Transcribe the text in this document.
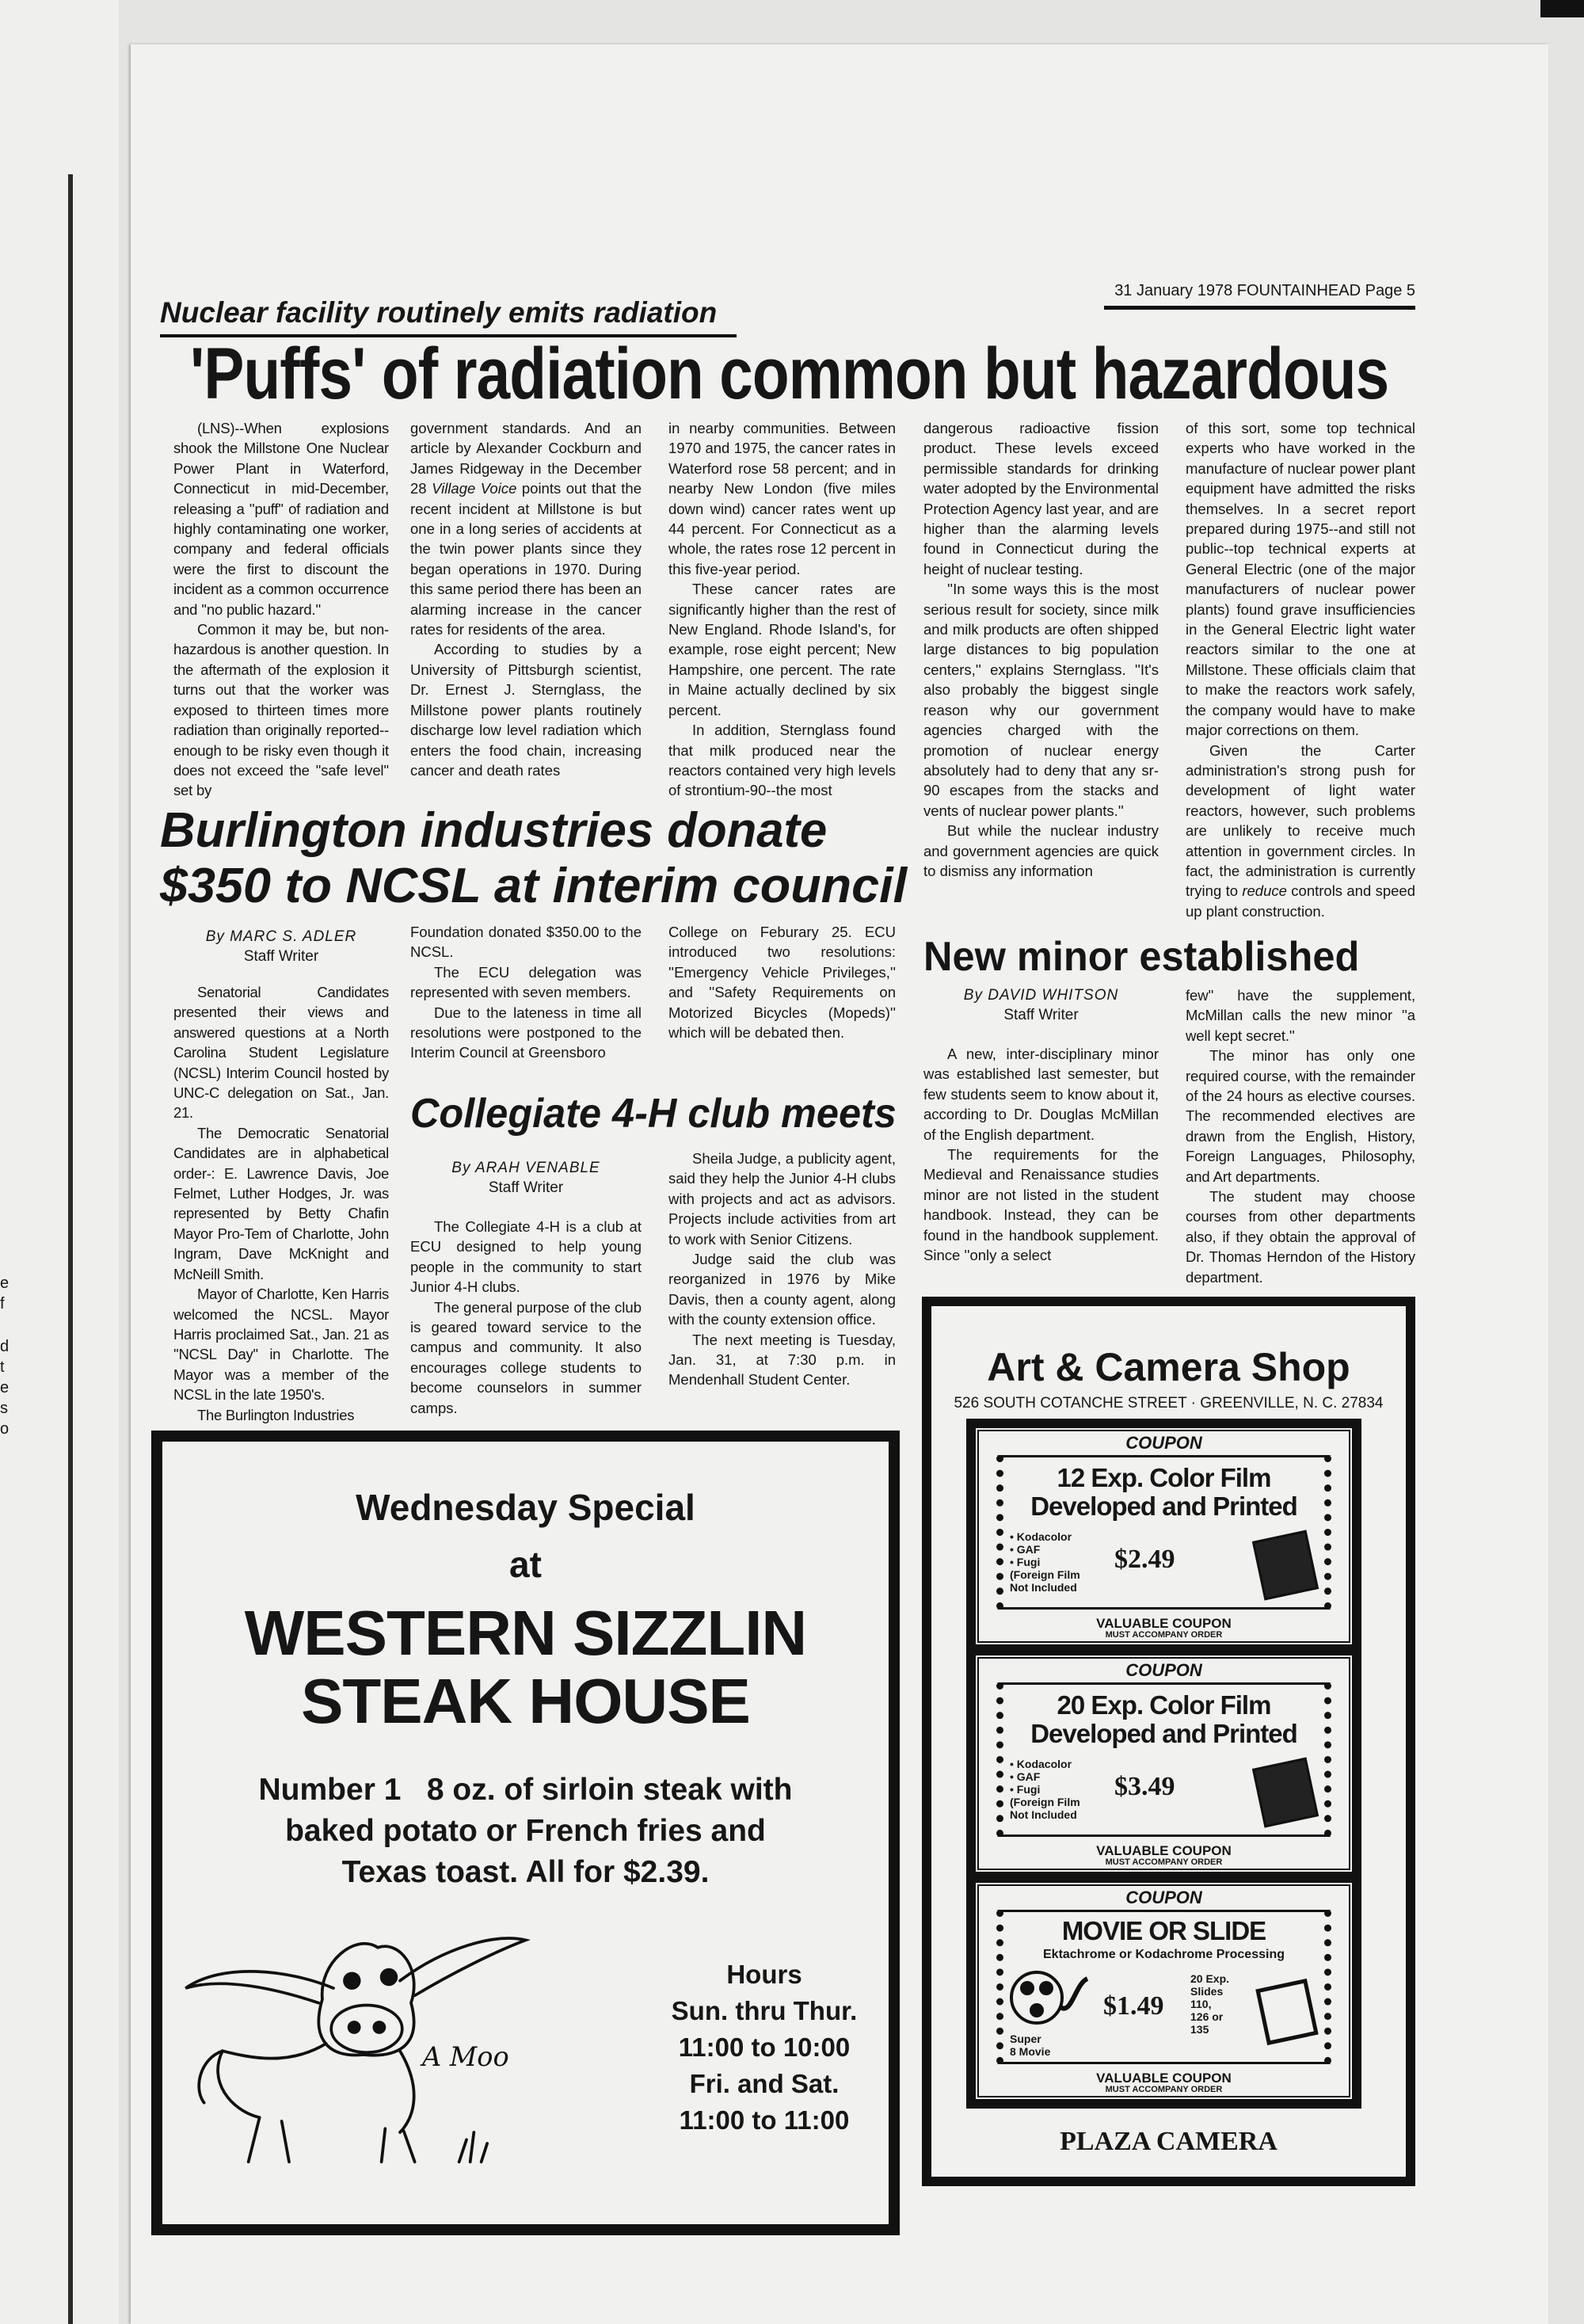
e
f
d
t
e
s
o
Nuclear facility routinely emits radiation
31 January 1978 FOUNTAINHEAD Page 5
'Puffs' of radiation common but hazardous

(LNS)--When explosions shook the Millstone One Nuclear Power Plant in Waterford, Connecticut in mid-December, releasing a ''puff'' of radiation and highly contaminating one worker, company and federal officials were the first to discount the incident as a common occurrence and ''no public hazard.''

Common it may be, but non-hazardous is another question. In the aftermath of the explosion it turns out that the worker was exposed to thirteen times more radiation than originally reported--enough to be risky even though it does not exceed the ''safe level'' set by

government standards. And an article by Alexander Cockburn and James Ridgeway in the December 28 Village Voice points out that the recent incident at Millstone is but one in a long series of accidents at the twin power plants since they began operations in 1970. During this same period there has been an alarming increase in the cancer rates for residents of the area.

According to studies by a University of Pittsburgh scientist, Dr. Ernest J. Sternglass, the Millstone power plants routinely discharge low level radiation which enters the food chain, increasing cancer and death rates

in nearby communities. Between 1970 and 1975, the cancer rates in Waterford rose 58 percent; and in nearby New London (five miles down wind) cancer rates went up 44 percent. For Connecticut as a whole, the rates rose 12 percent in this five-year period.

These cancer rates are significantly higher than the rest of New England. Rhode Island's, for example, rose eight percent; New Hampshire, one percent. The rate in Maine actually declined by six percent.

In addition, Sternglass found that milk produced near the reactors contained very high levels of strontium-90--the most

dangerous radioactive fission product. These levels exceed permissible standards for drinking water adopted by the Environmental Protection Agency last year, and are higher than the alarming levels found in Connecticut during the height of nuclear testing.

''In some ways this is the most serious result for society, since milk and milk products are often shipped large distances to big population centers,'' explains Sternglass. ''It's also probably the biggest single reason why our government agencies charged with the promotion of nuclear energy absolutely had to deny that any sr-90 escapes from the stacks and vents of nuclear power plants.''

But while the nuclear industry and government agencies are quick to dismiss any information

of this sort, some top technical experts who have worked in the manufacture of nuclear power plant equipment have admitted the risks themselves. In a secret report prepared during 1975--and still not public--top technical experts at General Electric (one of the major manufacturers of nuclear power plants) found grave insufficiencies in the General Electric light water reactors similar to the one at Millstone. These officials claim that to make the reactors work safely, the company would have to make major corrections on them.

Given the Carter administration's strong push for development of light water reactors, however, such problems are unlikely to receive much attention in government circles. In fact, the administration is currently trying to reduce controls and speed up plant construction.

Burlington industries donate
$350 to NCSL at interim council
By MARC S. ADLER
Staff Writer

Senatorial Candidates presented their views and answered questions at a North Carolina Student Legislature (NCSL) Interim Council hosted by UNC-C delegation on Sat., Jan. 21.

The Democratic Senatorial Candidates are in alphabetical order-: E. Lawrence Davis, Joe Felmet, Luther Hodges, Jr. was represented by Betty Chafin Mayor Pro-Tem of Charlotte, John Ingram, Dave McKnight and McNeill Smith.

Mayor of Charlotte, Ken Harris welcomed the NCSL. Mayor Harris proclaimed Sat., Jan. 21 as ''NCSL Day'' in Charlotte. The Mayor was a member of the NCSL in the late 1950's.

The Burlington Industries

Foundation donated $350.00 to the NCSL.

The ECU delegation was represented with seven members.

Due to the lateness in time all resolutions were postponed to the Interim Council at Greensboro

College on Feburary 25. ECU introduced two resolutions: ''Emergency Vehicle Privileges,'' and ''Safety Requirements on Motorized Bicycles (Mopeds)'' which will be debated then.

Collegiate 4-H club meets
By ARAH VENABLE
Staff Writer

The Collegiate 4-H is a club at ECU designed to help young people in the community to start Junior 4-H clubs.

The general purpose of the club is geared toward service to the campus and community. It also encourages college students to become counselors in summer camps.

Sheila Judge, a publicity agent, said they help the Junior 4-H clubs with projects and act as advisors. Projects include activities from art to work with Senior Citizens.

Judge said the club was reorganized in 1976 by Mike Davis, then a county agent, along with the county extension office.

The next meeting is Tuesday, Jan. 31, at 7:30 p.m. in Mendenhall Student Center.

New minor established
By DAVID WHITSON
Staff Writer

A new, inter-disciplinary minor was established last semester, but few students seem to know about it, according to Dr. Douglas McMillan of the English department.

The requirements for the Medieval and Renaissance studies minor are not listed in the student handbook. Instead, they can be found in the handbook supplement. Since ''only a select

few'' have the supplement, McMillan calls the new minor ''a well kept secret.''

The minor has only one required course, with the remainder of the 24 hours as elective courses. The recommended electives are drawn from the English, History, Foreign Languages, Philosophy, and Art departments.

The student may choose courses from other departments also, if they obtain the approval of Dr. Thomas Herndon of the History department.

Wednesday Special
at
WESTERN SIZZLIN
STEAK HOUSE
Number 1   8 oz. of sirloin steak with
baked potato or French fries and
Texas toast. All for $2.39.
Hours
Sun. thru Thur.
11:00 to 10:00
Fri. and Sat.
11:00 to 11:00
A Moo
Art & Camera Shop
526 SOUTH COTANCHE STREET · GREENVILLE, N. C. 27834
COUPON
12 Exp. Color Film
Developed and Printed
• Kodacolor
• GAF
• Fugi
(Foreign Film
Not Included
$2.49
VALUABLE COUPON
MUST ACCOMPANY ORDER
COUPON
20 Exp. Color Film
Developed and Printed
• Kodacolor
• GAF
• Fugi
(Foreign Film
Not Included
$3.49
VALUABLE COUPON
MUST ACCOMPANY ORDER
COUPON
MOVIE OR SLIDE
Ektachrome or Kodachrome Processing
Super
8 Movie
$1.49
20 Exp.
Slides
110,
126 or
135
VALUABLE COUPON
MUST ACCOMPANY ORDER
PLAZA CAMERA
